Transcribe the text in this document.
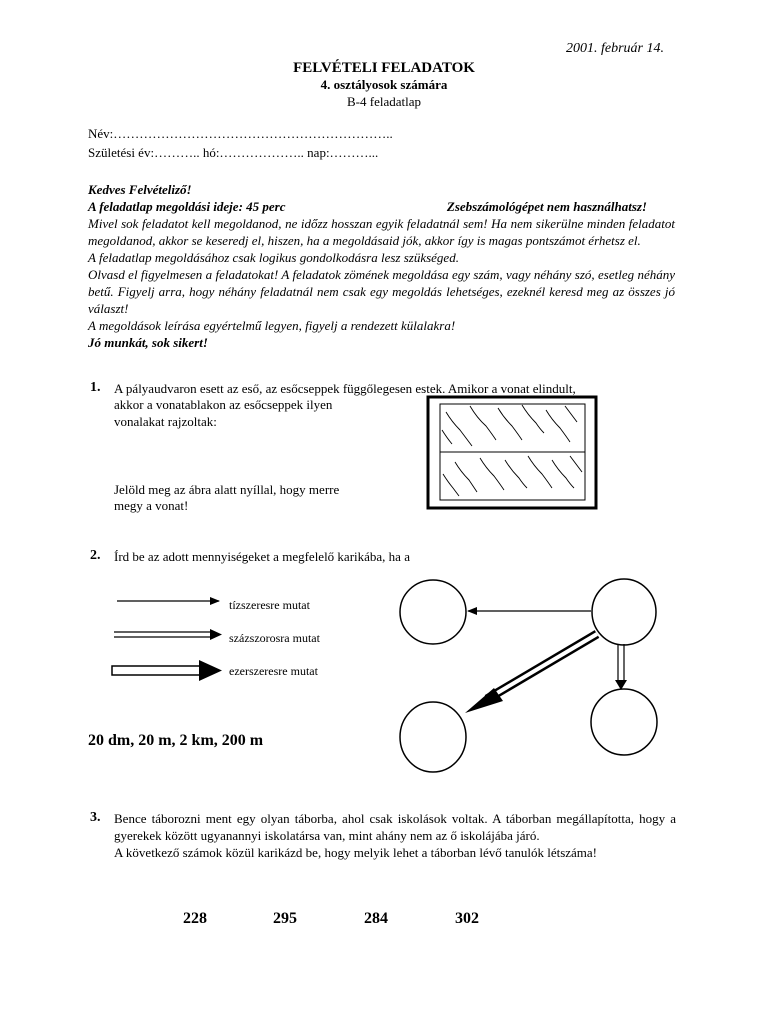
2001. február 14.
FELVÉTELI FELADATOK
4. osztályosok számára
B-4 feladatlap
Név:………………………………………………………..
Születési év:……….. hó:……………….. nap:………...

Kedves Felvételiző!

A feladatlap megoldási ideje: 45 perc	Zsebszámológépet nem használhatsz!

Mivel sok feladatot kell megoldanod, ne időzz hosszan egyik feladatnál sem! Ha nem sikerülne minden feladatot megoldanod, akkor se keseredj el, hiszen, ha a megoldásaid jók, akkor így is magas pontszámot érhetsz el.

A feladatlap megoldásához csak logikus gondolkodásra lesz szükséged.

Olvasd el figyelmesen a feladatokat! A feladatok zömének megoldása egy szám, vagy néhány szó, esetleg néhány betű. Figyelj arra, hogy néhány feladatnál nem csak egy megoldás lehetséges, ezeknél keresd meg az összes jó választ!

A megoldások leírása egyértelmű legyen, figyelj a rendezett külalakra!

Jó munkát, sok sikert!

1. A pályaudvaron esett az eső, az esőcseppek függőlegesen estek. Amikor a vonat elindult,
akkor a vonatablakon az esőcseppek ilyen
vonalakat rajzoltak:
Jelöld meg az ábra alatt nyíllal, hogy merre
megy a vonat!
2. Írd be az adott mennyiségeket a megfelelő karikába, ha a
tízszeresre mutat
százszorosra mutat
ezerszeresre mutat
20 dm, 20 m, 2 km, 200 m
3. Bence táborozni ment egy olyan táborba, ahol csak iskolások voltak. A táborban megállapította, hogy a gyerekek között ugyanannyi iskolatársa van, mint ahány nem az ő iskolájába járó.

A következő számok közül karikázd be, hogy melyik lehet a táborban lévő tanulók létszáma!

228	295	284	302
